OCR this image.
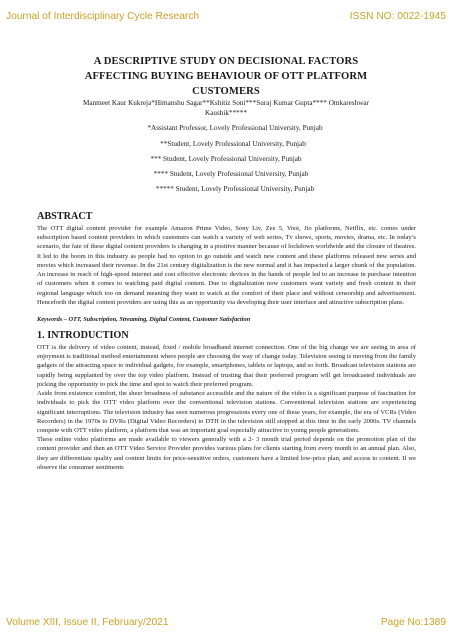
Journal of Interdisciplinary Cycle Research	ISSN NO: 0022-1945
A DESCRIPTIVE STUDY ON DECISIONAL FACTORS
AFFECTING BUYING BEHAVIOUR OF OTT PLATFORM
CUSTOMERS
Manmeet Kaur Kukreja*Himanshu Sagar**Kshitiz Soni***Suraj Kumar Gupta**** Omkareshwar
Kaushik*****
*Assistant Professor, Lovely Professional University, Punjab
**Student, Lovely Professional University, Punjab
*** Student, Lovely Professional University, Punjab
**** Student, Lovely Professional University, Punjab
***** Student, Lovely Professional University, Punjab
ABSTRACT

The OTT digital content provider for example Amazon Prime Video, Sony Liv, Zee 5, Voot, Jio platforms, Netflix, etc. comes under subscription based content providers in which customers can watch a variety of web series, Tv shows, sports, movies, drama, etc. In today’s scenario, the fate of these digital content providers is changing in a positive manner because of lockdown worldwide and the closure of theatres. It led to the boom in this industry as people had no option to go outside and watch new content and these platforms released new series and movies which increased their revenue. In the 21st century digitalization is the new normal and it has impacted a larger chunk of the population. An increase in reach of high-speed internet and cost effective electronic devices in the hands of people led to an increase in purchase intention of customers when it comes to watching paid digital content. Due to digitalization now customers want variety and fresh content in their regional language which too on demand meaning they want to watch at the comfort of their place and without censorship and advertisement. Henceforth the digital content providers are using this as an opportunity via developing their user interface and attractive subscription plans.

Keywords – OTT, Subscription, Streaming, Digital Content, Customer Satisfaction
1. INTRODUCTION

OTT is the delivery of video content, instead, fixed / mobile broadband internet connection. One of the big change we are seeing in area of enjoyment is traditional method entertainment where people are choosing the way of change today. Television seeing is moving from the family gadgets of the attracting space to individual gadgets, for example, smartphones, tablets or laptops, and so forth. Broadcast television stations are rapidly being supplanted by over the top video platform. Instead of trusting that their preferred program will get broadcasted individuals are picking the opportunity to pick the time and spot to watch their preferred program.

Aside from existence comfort, the sheer broadness of substance accessible and the nature of the video is a significant purpose of fascination for individuals to pick the OTT video platform over the conventional television stations. Conventional television stations are experiencing significant interruptions. The television industry has seen numerous progressions every one of these years, for example, the era of VCRs (Video Recorders) in the 1970s to DVRs (Digital Video Recorders) to DTH in the television still stopped at this time in the early 2000s. TV channels compete with OTT video platform, a platform that was an important goal especially attractive to young people generations.

These online video platforms are made available to viewers generally with a 2- 3 month trial period depends on the promotion plan of the content provider and then an OTT Video Service Provider provides various plans for clients starting from every month to an annual plan. Also, they are differentiate quality and content limits for price-sensitive orders, customers have a limited low-price plan, and access to content. If we observe the consumer sentiments

Volume XIII, Issue II, February/2021	Page No:1389
